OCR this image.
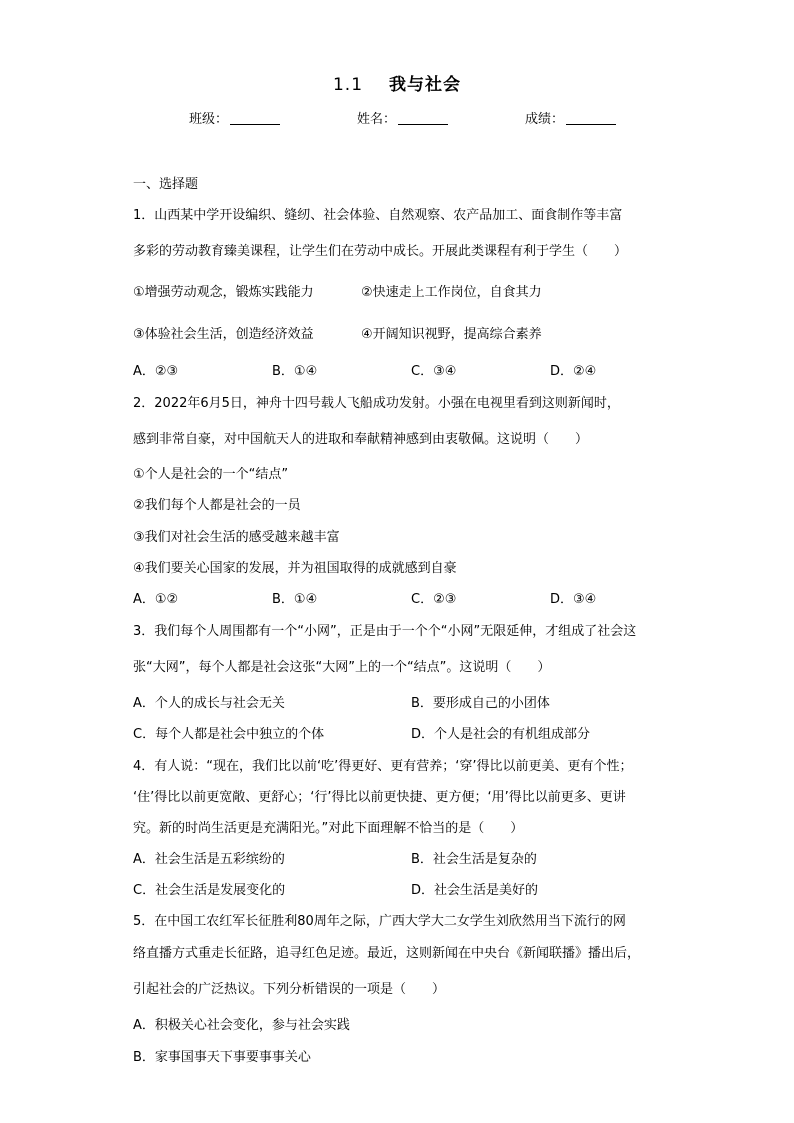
1.1 我与社会
班级：	姓名：	成绩：
一、选择题
1．山西某中学开设编织、缝纫、社会体验、自然观察、农产品加工、面食制作等丰富
多彩的劳动教育臻美课程，让学生们在劳动中成长。开展此类课程有利于学生（　　）
①增强劳动观念，锻炼实践能力	②快速走上工作岗位，自食其力
③体验社会生活，创造经济效益	④开阔知识视野，提高综合素养
A．②③	B．①④	C．③④	D．②④
2．2022年6月5日，神舟十四号载人飞船成功发射。小强在电视里看到这则新闻时，
感到非常自豪，对中国航天人的进取和奉献精神感到由衷敬佩。这说明（　　）
①个人是社会的一个“结点”
②我们每个人都是社会的一员
③我们对社会生活的感受越来越丰富
④我们要关心国家的发展，并为祖国取得的成就感到自豪
A．①②	B．①④	C．②③	D．③④
3．我们每个人周围都有一个“小网”，正是由于一个个“小网”无限延伸，才组成了社会这
张“大网”，每个人都是社会这张“大网”上的一个“结点”。这说明（　　）
A．个人的成长与社会无关	B．要形成自己的小团体
C．每个人都是社会中独立的个体	D．个人是社会的有机组成部分
4．有人说：“现在，我们比以前‘吃’得更好、更有营养；‘穿’得比以前更美、更有个性；
‘住’得比以前更宽敞、更舒心；‘行’得比以前更快捷、更方便；‘用’得比以前更多、更讲
究。新的时尚生活更是充满阳光。”对此下面理解不恰当的是（　　）
A．社会生活是五彩缤纷的	B．社会生活是复杂的
C．社会生活是发展变化的	D．社会生活是美好的
5．在中国工农红军长征胜利80周年之际，广西大学大二女学生刘欣然用当下流行的网
络直播方式重走长征路，追寻红色足迹。最近，这则新闻在中央台《新闻联播》播出后，
引起社会的广泛热议。下列分析错误的一项是（　　）
A．积极关心社会变化，参与社会实践
B．家事国事天下事要事事关心
